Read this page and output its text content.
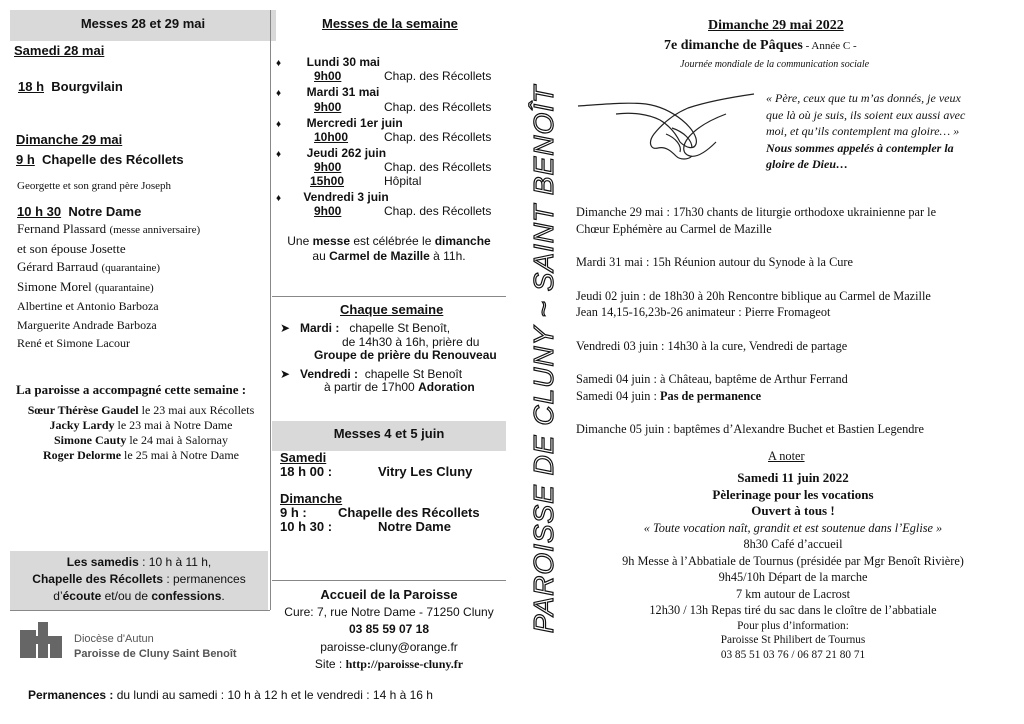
Messes 28 et 29 mai
Samedi 28 mai
18 h Bourgvilain
Dimanche 29 mai
9 h Chapelle des Récollets
Georgette et son grand père Joseph
10 h 30 Notre Dame
Fernand Plassard (messe anniversaire)
et son épouse Josette
Gérard Barraud (quarantaine)
Simone Morel (quarantaine)
Albertine et Antonio Barboza
Marguerite Andrade Barboza
René et Simone Lacour
La paroisse a accompagné cette semaine :
Sœur Thérèse Gaudel le 23 mai aux Récollets
Jacky Lardy le 23 mai à Notre Dame
Simone Cauty le 24 mai à Salornay
Roger Delorme le 25 mai à Notre Dame
Les samedis : 10 h à 11 h,
Chapelle des Récollets : permanences
d’écoute et/ou de confessions.
Diocèse d'Autun
Paroisse de Cluny Saint Benoît
Messes de la semaine
♦ Lundi 30 mai
9h00	Chap. des Récollets
♦ Mardi 31 mai
9h00	Chap. des Récollets
♦ Mercredi 1er juin
10h00	Chap. des Récollets
♦ Jeudi 262 juin
9h00	Chap. des Récollets
15h00	Hôpital
♦ Vendredi 3 juin
9h00	Chap. des Récollets
Une messe est célébrée le dimanche
au Carmel de Mazille à 11h.
Chaque semaine
➤ Mardi : chapelle St Benoît,
de 14h30 à 16h, prière du
Groupe de prière du Renouveau
➤ Vendredi : chapelle St Benoît
à partir de 17h00 Adoration
Messes 4 et 5 juin
Samedi
18 h 00 :	Vitry Les Cluny
Dimanche
9 h : Chapelle des Récollets
10 h 30 :	Notre Dame
Accueil de la Paroisse
Cure: 7, rue Notre Dame - 71250 Cluny
03 85 59 07 18
paroisse-cluny@orange.fr
Site : http://paroisse-cluny.fr
Permanences : du lundi au samedi : 10 h à 12 h et le vendredi : 14 h à 16 h
PAROISSE DE CLUNY ~ SAINT BENOÎT
Dimanche 29 mai 2022
7e dimanche de Pâques - Année C -
Journée mondiale de la communication sociale
« Père, ceux que tu m’as donnés, je veux
que là où je suis, ils soient eux aussi avec
moi, et qu’ils contemplent ma gloire… »
Nous sommes appelés à contempler la
gloire de Dieu…
Dimanche 29 mai : 17h30 chants de liturgie orthodoxe ukrainienne par le
Chœur Ephémère au Carmel de Mazille
Mardi 31 mai : 15h Réunion autour du Synode à la Cure
Jeudi 02 juin : de 18h30 à 20h Rencontre biblique au Carmel de Mazille
Jean 14,15-16,23b-26 animateur : Pierre Fromageot
Vendredi 03 juin : 14h30 à la cure, Vendredi de partage
Samedi 04 juin : à Château, baptême de Arthur Ferrand
Samedi 04 juin : Pas de permanence
Dimanche 05 juin : baptêmes d’Alexandre Buchet et Bastien Legendre
A noter
Samedi 11 juin 2022
Pèlerinage pour les vocations
Ouvert à tous !
« Toute vocation naît, grandit et est soutenue dans l’Eglise »
8h30 Café d’accueil
9h Messe à l’Abbatiale de Tournus (présidée par Mgr Benoît Rivière)
9h45/10h Départ de la marche
7 km autour de Lacrost
12h30 / 13h Repas tiré du sac dans le cloître de l’abbatiale
Pour plus d’information:
Paroisse St Philibert de Tournus
03 85 51 03 76 / 06 87 21 80 71
